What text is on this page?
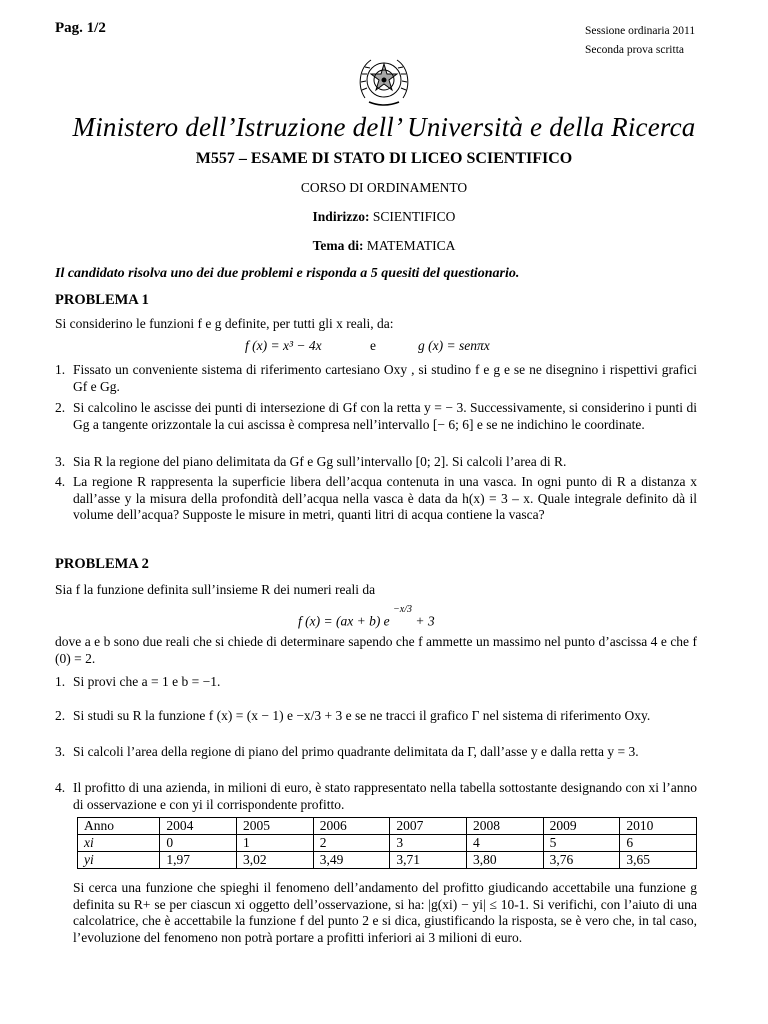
Pag. 1/2	Sessione ordinaria 2011
Seconda prova scritta
Ministero dell’Istruzione dell’ Università e della Ricerca
M557 – ESAME DI STATO DI LICEO SCIENTIFICO
CORSO DI ORDINAMENTO
Indirizzo: SCIENTIFICO
Tema di: MATEMATICA
Il candidato risolva uno dei due problemi e risponda a 5 quesiti del questionario.
PROBLEMA 1
Si considerino le funzioni f e g definite, per tutti gli x reali, da:
f (x) = x³ − 4x	e	g (x) = senπx
1. Fissato un conveniente sistema di riferimento cartesiano Oxy , si studino f e g e se ne disegnino i rispettivi grafici Gf e Gg.
2. Si calcolino le ascisse dei punti di intersezione di Gf con la retta y = − 3. Successivamente, si considerino i punti di Gg a tangente orizzontale la cui ascissa è compresa nell’intervallo [− 6; 6] e se ne indichino le coordinate.
3. Sia R la regione del piano delimitata da Gf e Gg sull’intervallo [0; 2]. Si calcoli l’area di R.
4. La regione R rappresenta la superficie libera dell’acqua contenuta in una vasca. In ogni punto di R a distanza x dall’asse y la misura della profondità dell’acqua nella vasca è data da h(x) = 3 – x. Quale integrale definito dà il volume dell’acqua? Supposte le misure in metri, quanti litri di acqua contiene la vasca?
PROBLEMA 2
Sia f la funzione definita sull’insieme R dei numeri reali da
f (x) = (ax + b) e $^{-x/3}$ + 3
dove a e b sono due reali che si chiede di determinare sapendo che f ammette un massimo nel punto d’ascissa 4 e che f (0) = 2.
1. Si provi che a = 1 e b = −1.
2. Si studi su R la funzione f (x) = (x − 1) e −x/3 + 3 e se ne tracci il grafico Γ nel sistema di riferimento Oxy.
3. Si calcoli l’area della regione di piano del primo quadrante delimitata da Γ, dall’asse y e dalla retta y = 3.
4. Il profitto di una azienda, in milioni di euro, è stato rappresentato nella tabella sottostante designando con xi l’anno di osservazione e con yi il corrispondente profitto.
Anno	2004	2005	2006	2007	2008	2009	2010
xi	0	1	2	3	4	5	6
yi	1,97	3,02	3,49	3,71	3,80	3,76	3,65
Si cerca una funzione che spieghi il fenomeno dell’andamento del profitto giudicando accettabile una funzione g definita su R+ se per ciascun xi oggetto dell’osservazione, si ha: |g(xi) − yi| ≤ 10-1. Si verifichi, con l’aiuto di una calcolatrice, che è accettabile la funzione f del punto 2 e si dica, giustificando la risposta, se è vero che, in tal caso, l’evoluzione del fenomeno non potrà portare a profitti inferiori ai 3 milioni di euro.
